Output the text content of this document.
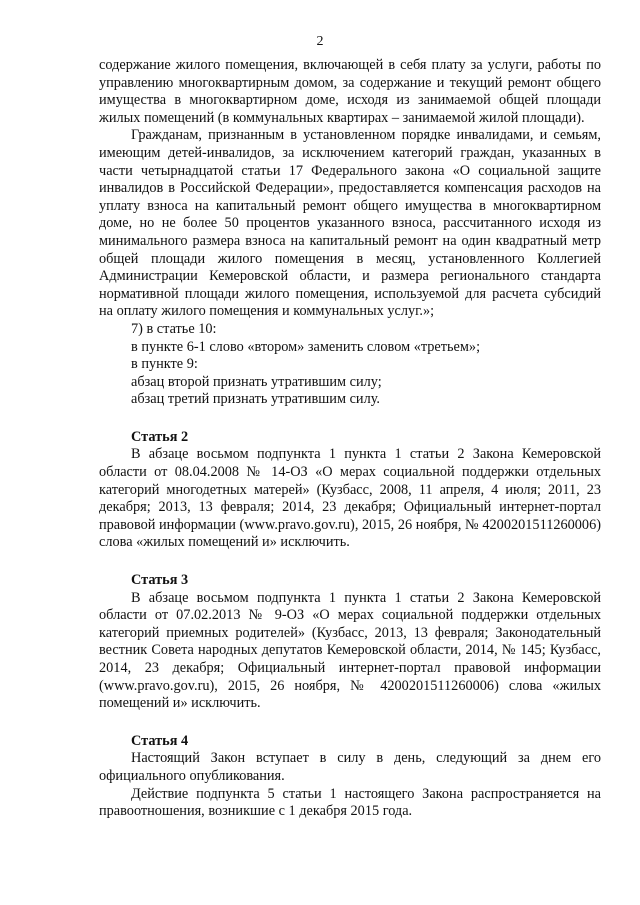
2

содержание жилого помещения, включающей в себя плату за услуги, работы по управлению многоквартирным домом, за содержание и текущий ремонт общего имущества в многоквартирном доме, исходя из занимаемой общей площади жилых помещений (в коммунальных квартирах – занимаемой жилой площади).

Гражданам, признанным в установленном порядке инвалидами, и семьям, имеющим детей-инвалидов, за исключением категорий граждан, указанных в части четырнадцатой статьи 17 Федерального закона «О социальной защите инвалидов в Российской Федерации», предоставляется компенсация расходов на уплату взноса на капитальный ремонт общего имущества в многоквартирном доме, но не более 50 процентов указанного взноса, рассчитанного исходя из минимального размера взноса на капитальный ремонт на один квадратный метр общей площади жилого помещения в месяц, установленного Коллегией Администрации Кемеровской области, и размера регионального стандарта нормативной площади жилого помещения, используемой для расчета субсидий на оплату жилого помещения и коммунальных услуг.»;

7) в статье 10:

в пункте 6-1 слово «втором» заменить словом «третьем»;

в пункте 9:

абзац второй признать утратившим силу;

абзац третий признать утратившим силу.

Статья 2

В абзаце восьмом подпункта 1 пункта 1 статьи 2 Закона Кемеровской области от 08.04.2008 № 14-ОЗ «О мерах социальной поддержки отдельных категорий многодетных матерей» (Кузбасс, 2008, 11 апреля, 4 июля; 2011, 23 декабря; 2013, 13 февраля; 2014, 23 декабря; Официальный интернет-портал правовой информации (www.pravo.gov.ru), 2015, 26 ноября, № 4200201511260006) слова «жилых помещений и» исключить.

Статья 3

В абзаце восьмом подпункта 1 пункта 1 статьи 2 Закона Кемеровской области от 07.02.2013 № 9-ОЗ «О мерах социальной поддержки отдельных категорий приемных родителей» (Кузбасс, 2013, 13 февраля; Законодательный вестник Совета народных депутатов Кемеровской области, 2014, № 145; Кузбасс, 2014, 23 декабря; Официальный интернет-портал правовой информации (www.pravo.gov.ru), 2015, 26 ноября, № 4200201511260006) слова «жилых помещений и» исключить.

Статья 4

Настоящий Закон вступает в силу в день, следующий за днем его официального опубликования.

Действие подпункта 5 статьи 1 настоящего Закона распространяется на правоотношения, возникшие с 1 декабря 2015 года.
